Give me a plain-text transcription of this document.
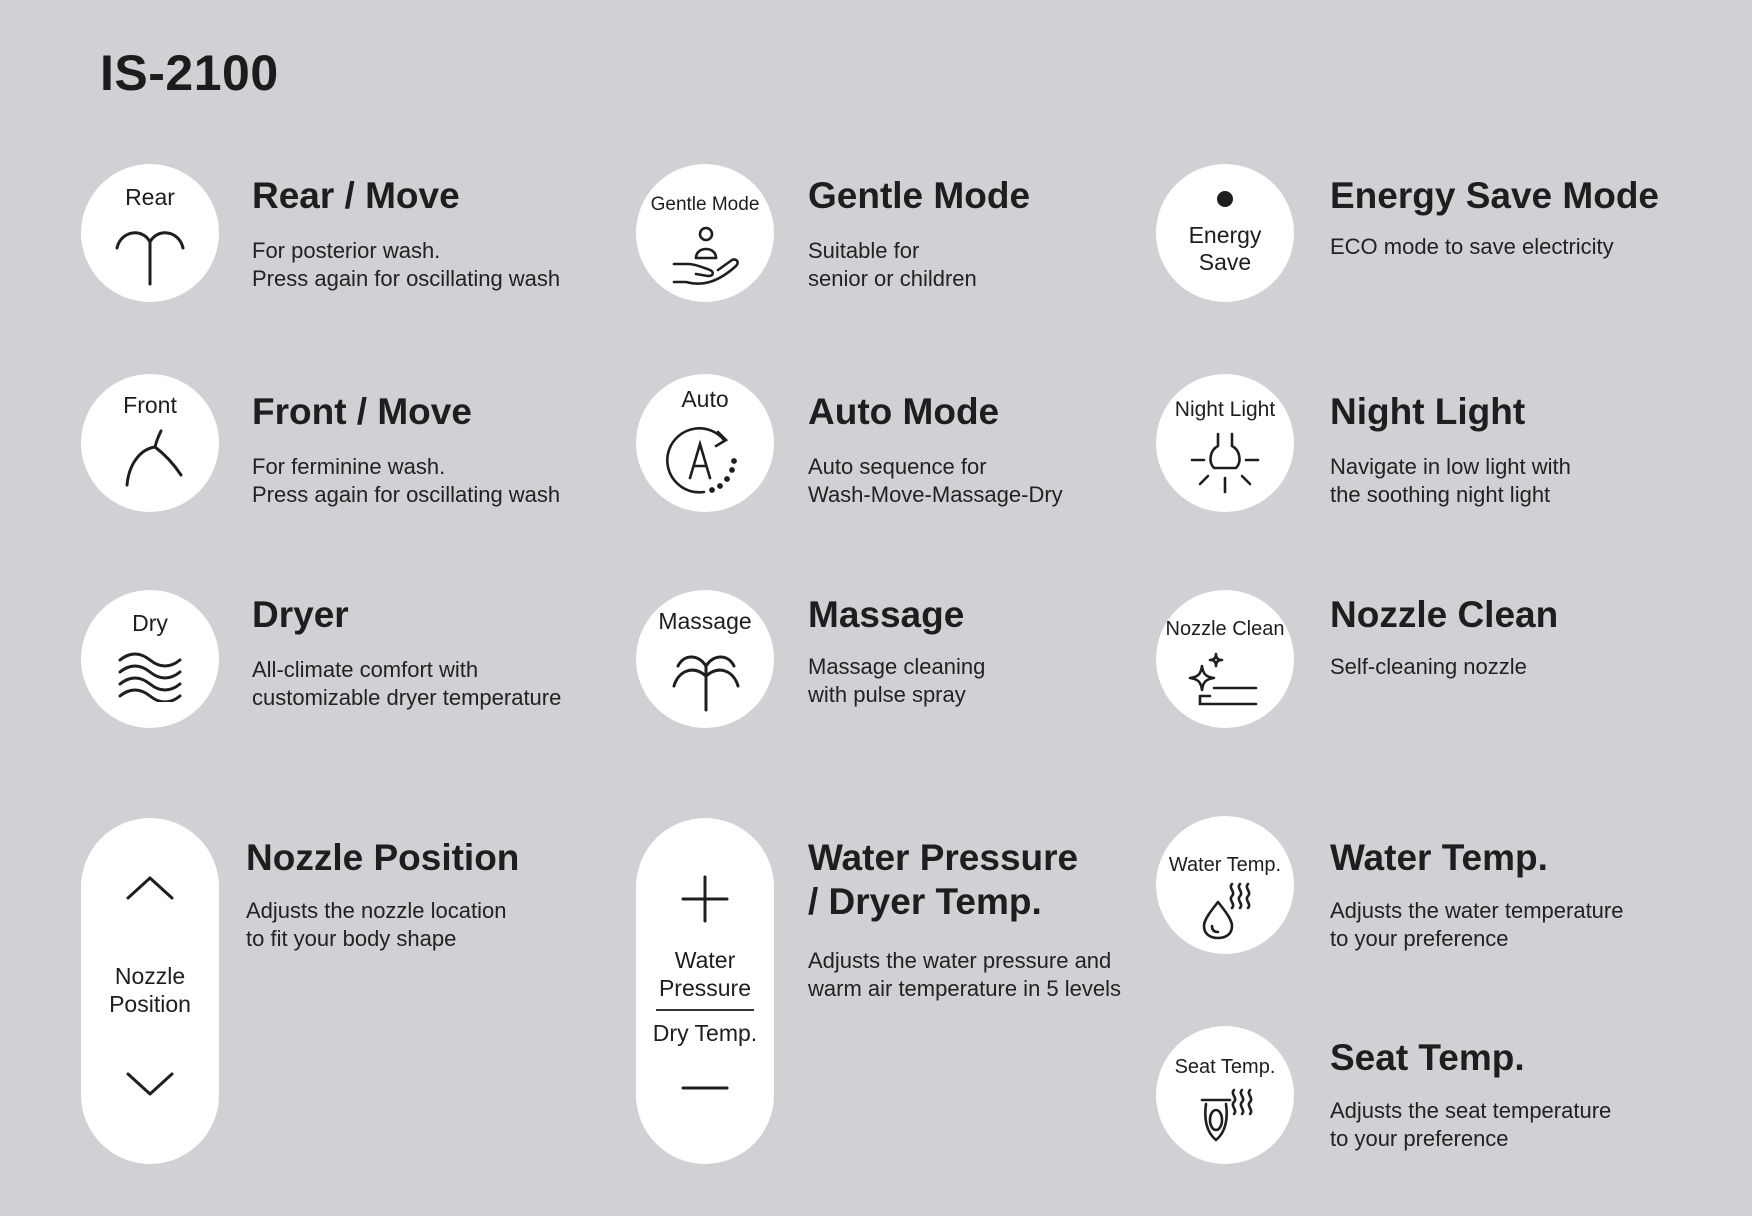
IS-2100
Rear	Rear / Move
For posterior wash.
Press again for oscillating wash
Front	Front / Move
For ferminine wash.
Press again for oscillating wash
Dry	Dryer
All-climate comfort with
customizable dryer temperature
Nozzle
Position
Nozzle Position
Adjusts the nozzle location
to fit your body shape
Gentle Mode	Gentle Mode
Suitable for
senior or children
Auto	Auto Mode
Auto sequence for
Wash-Move-Massage-Dry
Massage	Massage
Massage cleaning
with pulse spray
Water
Pressure
Dry Temp.
Water Pressure
/ Dryer Temp.
Adjusts the water pressure and
warm air temperature in 5 levels
Energy
Save
Energy Save Mode
ECO mode to save electricity
Night Light	Night Light
Navigate in low light with
the soothing night light
Nozzle Clean Nozzle Clean
Self-cleaning nozzle
Water Temp.	Water Temp.
Adjusts the water temperature
to your preference
Seat Temp.	Seat Temp.
Adjusts the seat temperature
to your preference
